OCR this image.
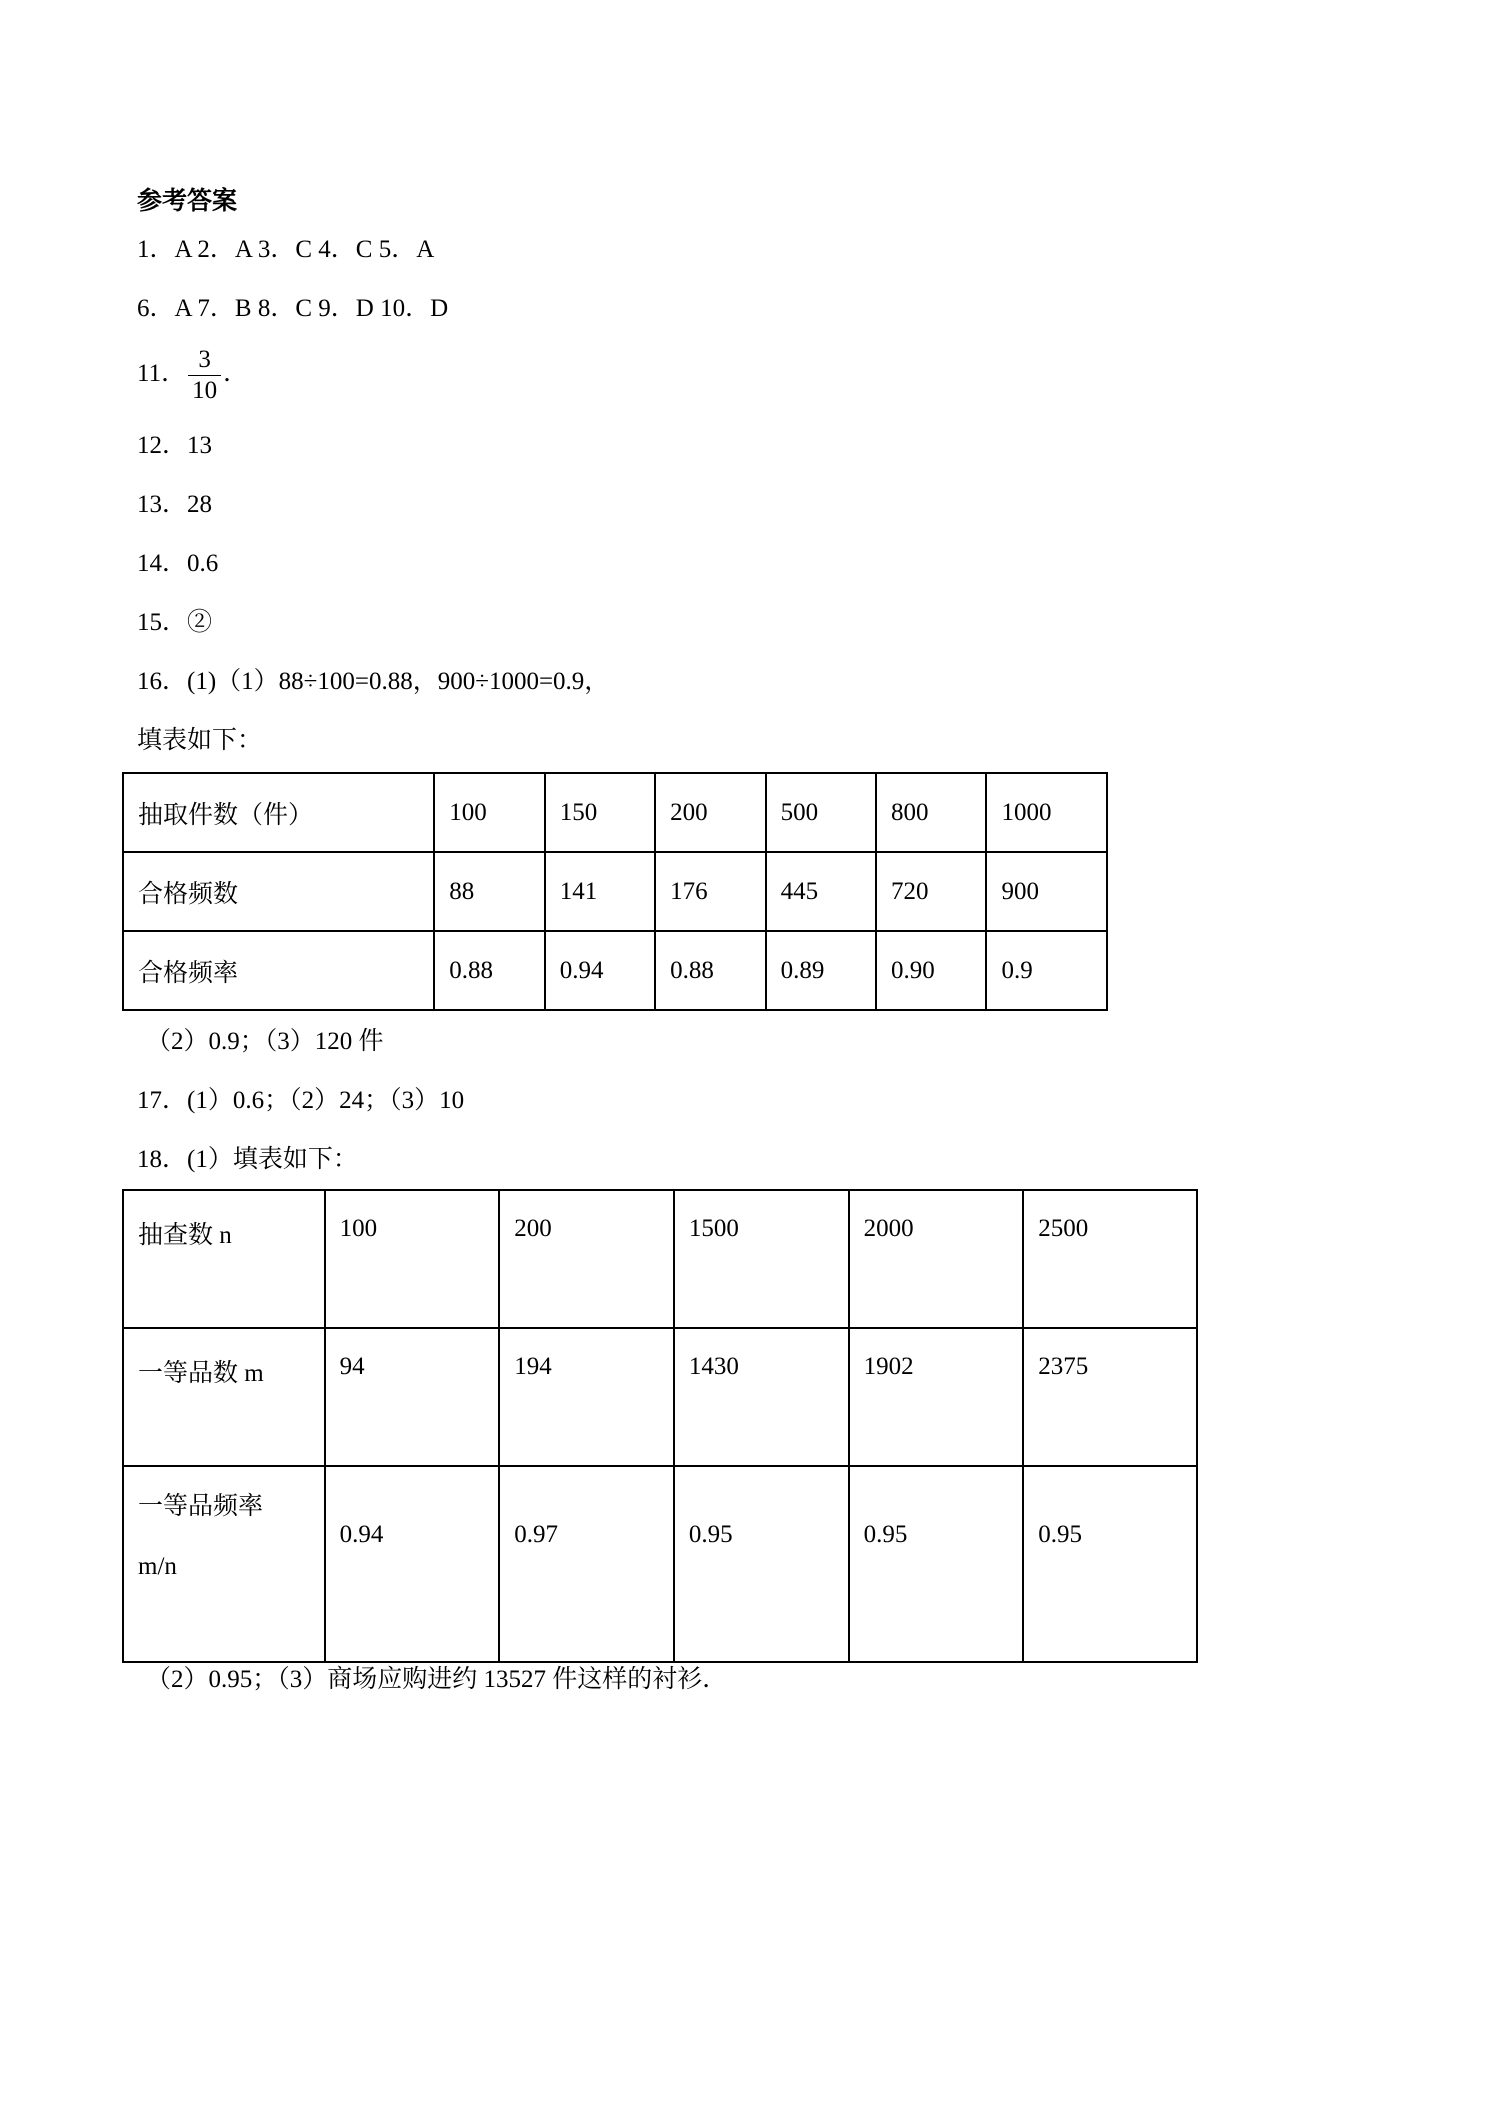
参考答案
1．A 2．A 3．C 4．C 5．A
6．A 7．B 8．C 9．D 10．D
11． $\frac{3}{10}$ ．
12．13
13．28
14．0.6
15．②
16．(1)（1）88÷100=0.88，900÷1000=0.9，
填表如下：
抽取件数（件）	100	150	200	500	800	1000
合格频数	88	141	176	445	720	900
合格频率	0.88	0.94	0.88	0.89	0.90	0.9
（2）0.9；（3）120 件
17．(1）0.6；（2）24；（3）10
18．(1）填表如下：
抽查数 n	100	200	1500	2000	2500
一等品数 m	94	194	1430	1902	2375

一等品频率
m/n	0.94	0.97	0.95	0.95	0.95
（2）0.95；（3）商场应购进约 13527 件这样的衬衫．
